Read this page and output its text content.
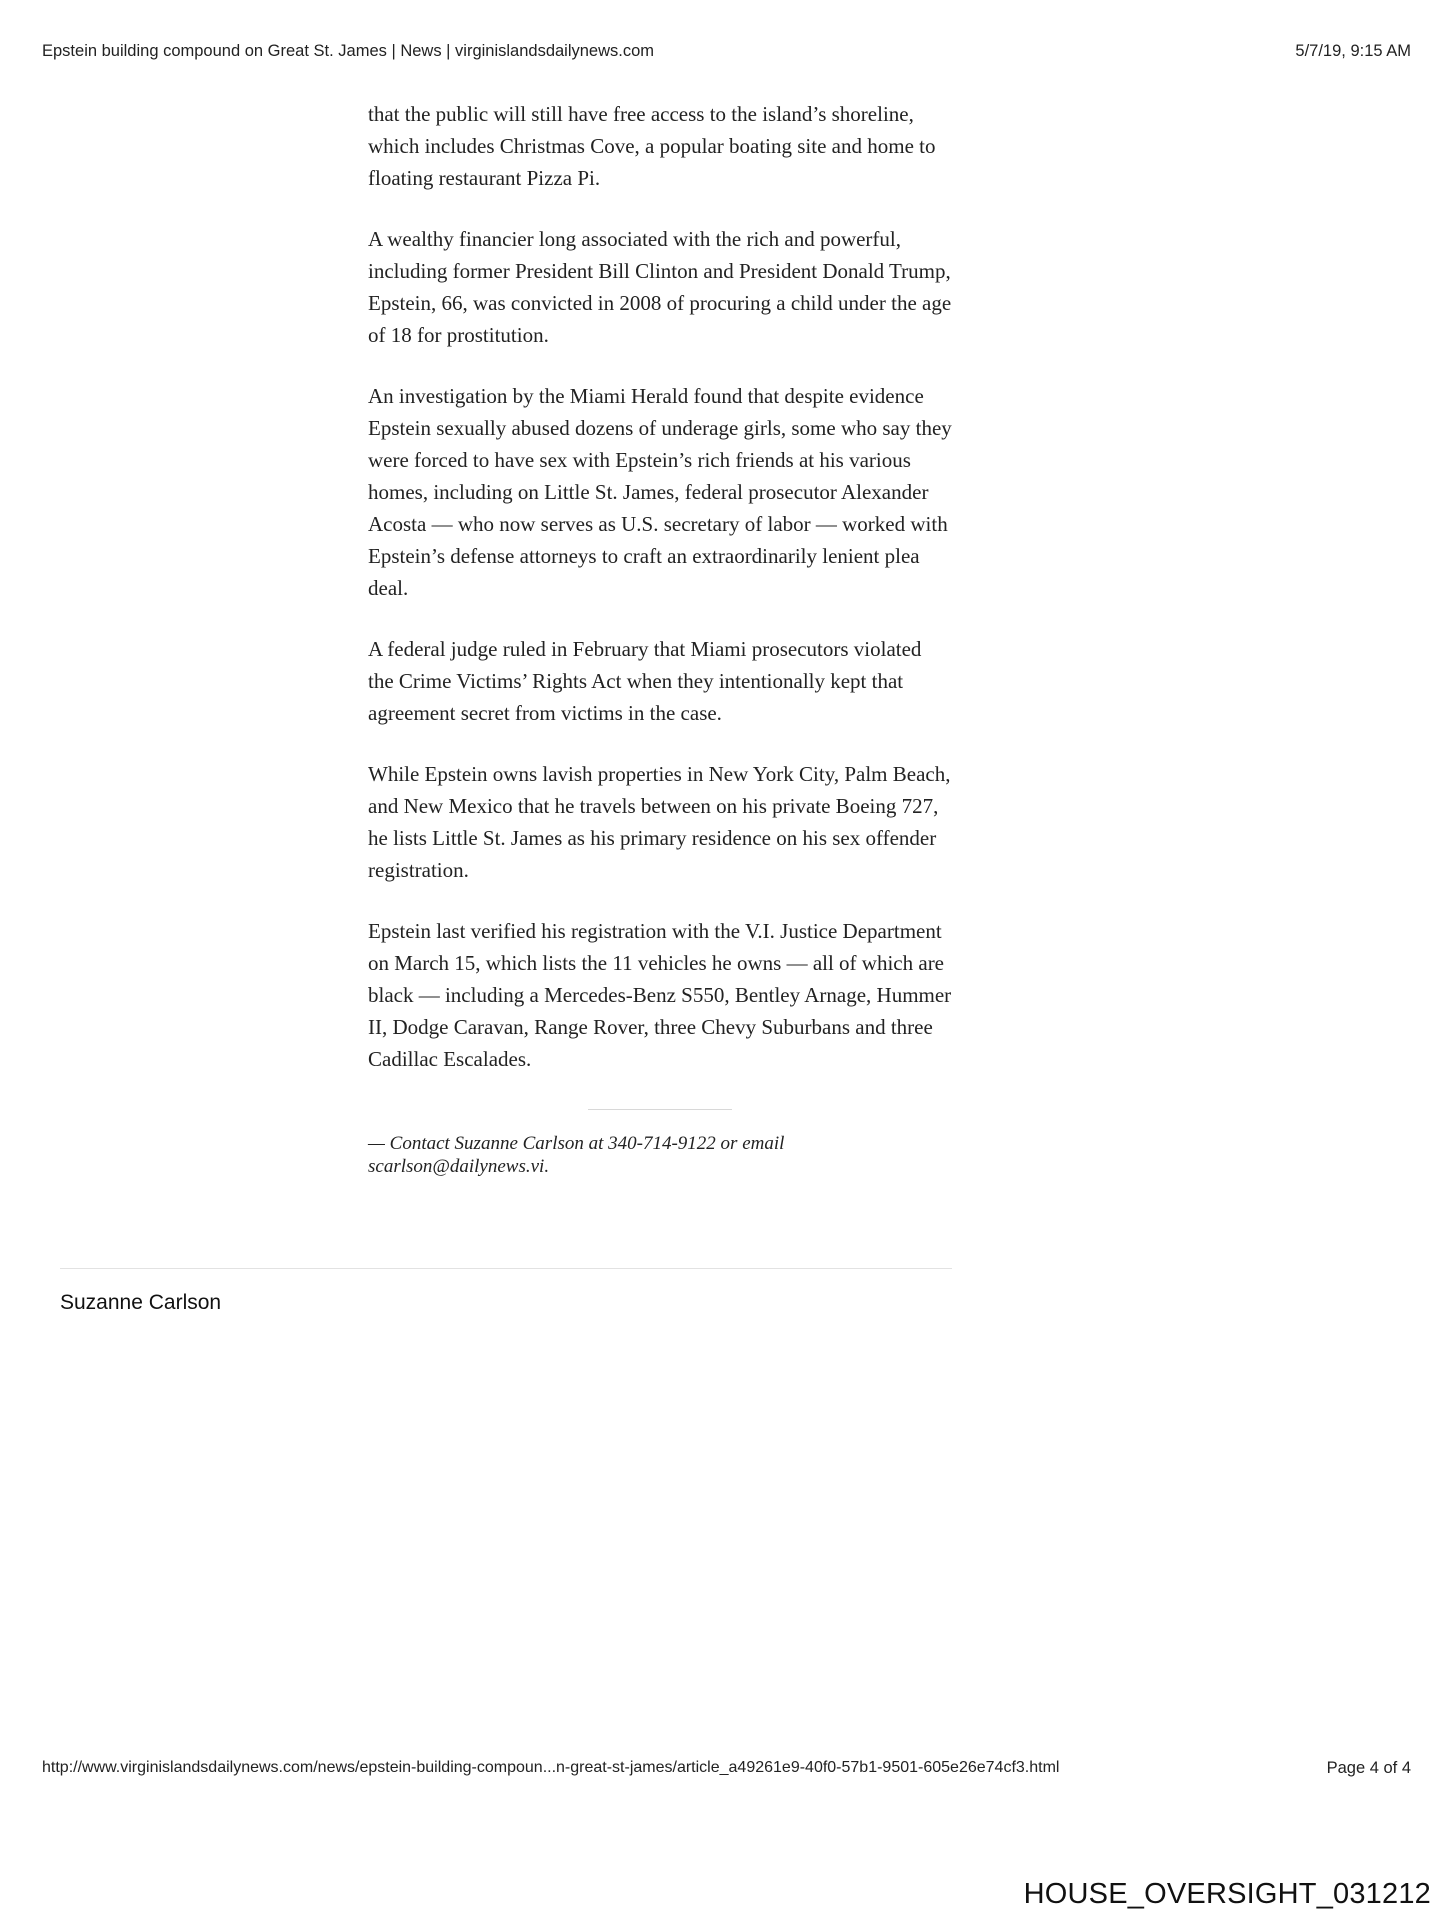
Epstein building compound on Great St. James | News | virginislandsdailynews.com	5/7/19, 9:15 AM

that the public will still have free access to the island’s shoreline, which includes Christmas Cove, a popular boating site and home to floating restaurant Pizza Pi.

A wealthy financier long associated with the rich and powerful, including former President Bill Clinton and President Donald Trump, Epstein, 66, was convicted in 2008 of procuring a child under the age of 18 for prostitution.

An investigation by the Miami Herald found that despite evidence Epstein sexually abused dozens of underage girls, some who say they were forced to have sex with Epstein’s rich friends at his various homes, including on Little St. James, federal prosecutor Alexander Acosta — who now serves as U.S. secretary of labor — worked with Epstein’s defense attorneys to craft an extraordinarily lenient plea deal.

A federal judge ruled in February that Miami prosecutors violated the Crime Victims’ Rights Act when they intentionally kept that agreement secret from victims in the case.

While Epstein owns lavish properties in New York City, Palm Beach, and New Mexico that he travels between on his private Boeing 727, he lists Little St. James as his primary residence on his sex offender registration.

Epstein last verified his registration with the V.I. Justice Department on March 15, which lists the 11 vehicles he owns — all of which are black — including a Mercedes-Benz S550, Bentley Arnage, Hummer II, Dodge Caravan, Range Rover, three Chevy Suburbans and three Cadillac Escalades.

— Contact Suzanne Carlson at 340-714-9122 or email scarlson@dailynews.vi.

Suzanne Carlson
http://www.virginislandsdailynews.com/news/epstein-building-compoun...n-great-st-james/article_a49261e9-40f0-57b1-9501-605e26e74cf3.html	Page 4 of 4
HOUSE_OVERSIGHT_031212
